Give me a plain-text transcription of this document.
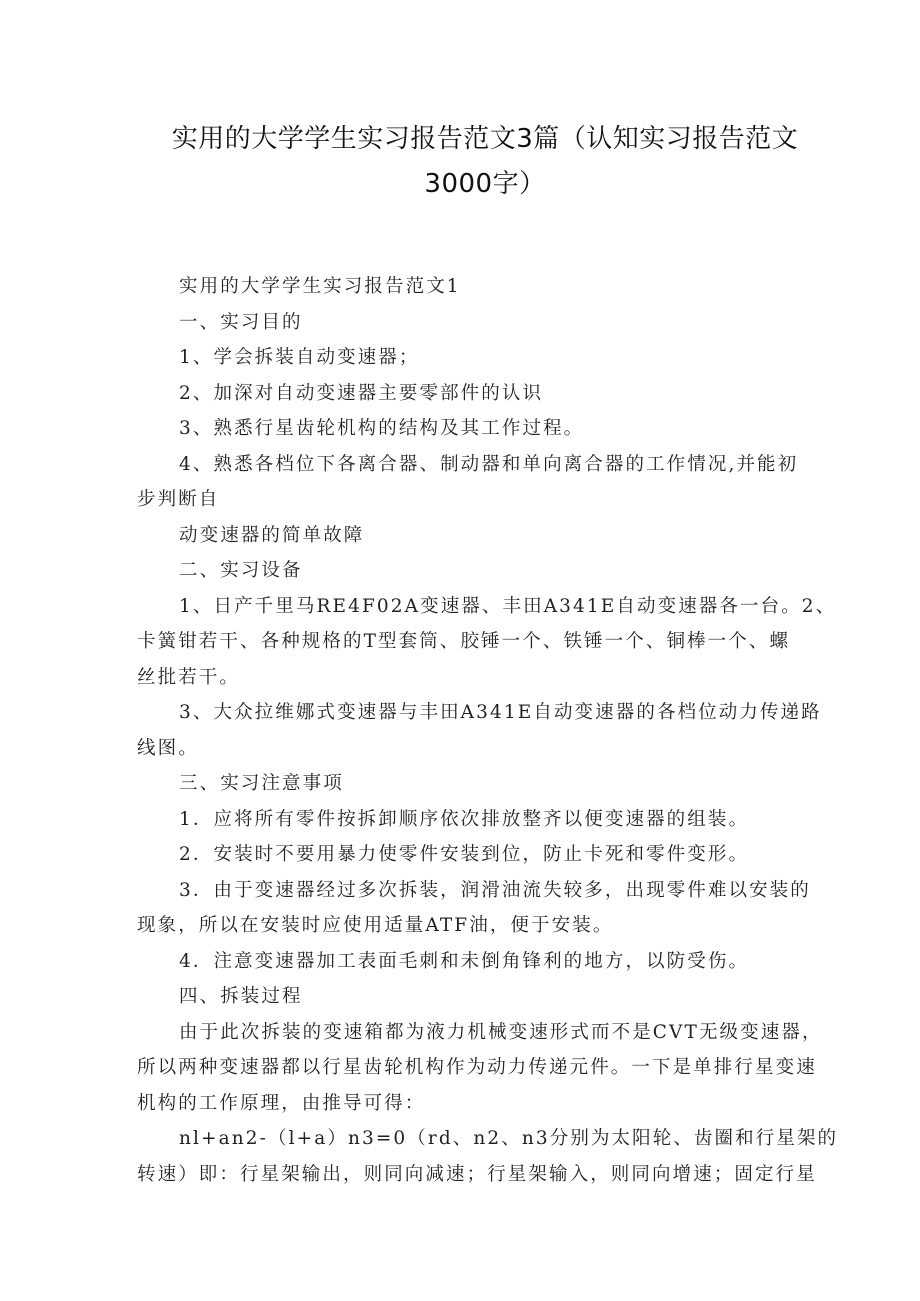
实用的大学学生实习报告范文3篇（认知实习报告范文
3000字）
实用的大学学生实习报告范文1
一、实习目的
1、学会拆装自动变速器；
2、加深对自动变速器主要零部件的认识
3、熟悉行星齿轮机构的结构及其工作过程。
4、熟悉各档位下各离合器、制动器和单向离合器的工作情况,并能初
步判断自
动变速器的简单故障
二、实习设备
1、日产千里马RE4F02A变速器、丰田A341E自动变速器各一台。2、
卡簧钳若干、各种规格的T型套筒、胶锤一个、铁锤一个、铜棒一个、螺
丝批若干。
3、大众拉维娜式变速器与丰田A341E自动变速器的各档位动力传递路
线图。
三、实习注意事项
1．应将所有零件按拆卸顺序依次排放整齐以便变速器的组装。
2．安装时不要用暴力使零件安装到位，防止卡死和零件变形。
3．由于变速器经过多次拆装，润滑油流失较多，出现零件难以安装的
现象，所以在安装时应使用适量ATF油，便于安装。
4．注意变速器加工表面毛刺和未倒角锋利的地方，以防受伤。
四、拆装过程
由于此次拆装的变速箱都为液力机械变速形式而不是CVT无级变速器，
所以两种变速器都以行星齿轮机构作为动力传递元件。一下是单排行星变速
机构的工作原理，由推导可得：
nl+an2-（l+a）n3=0（rd、n2、n3分别为太阳轮、齿圈和行星架的
转速）即：行星架输出，则同向减速；行星架输入，则同向增速；固定行星
